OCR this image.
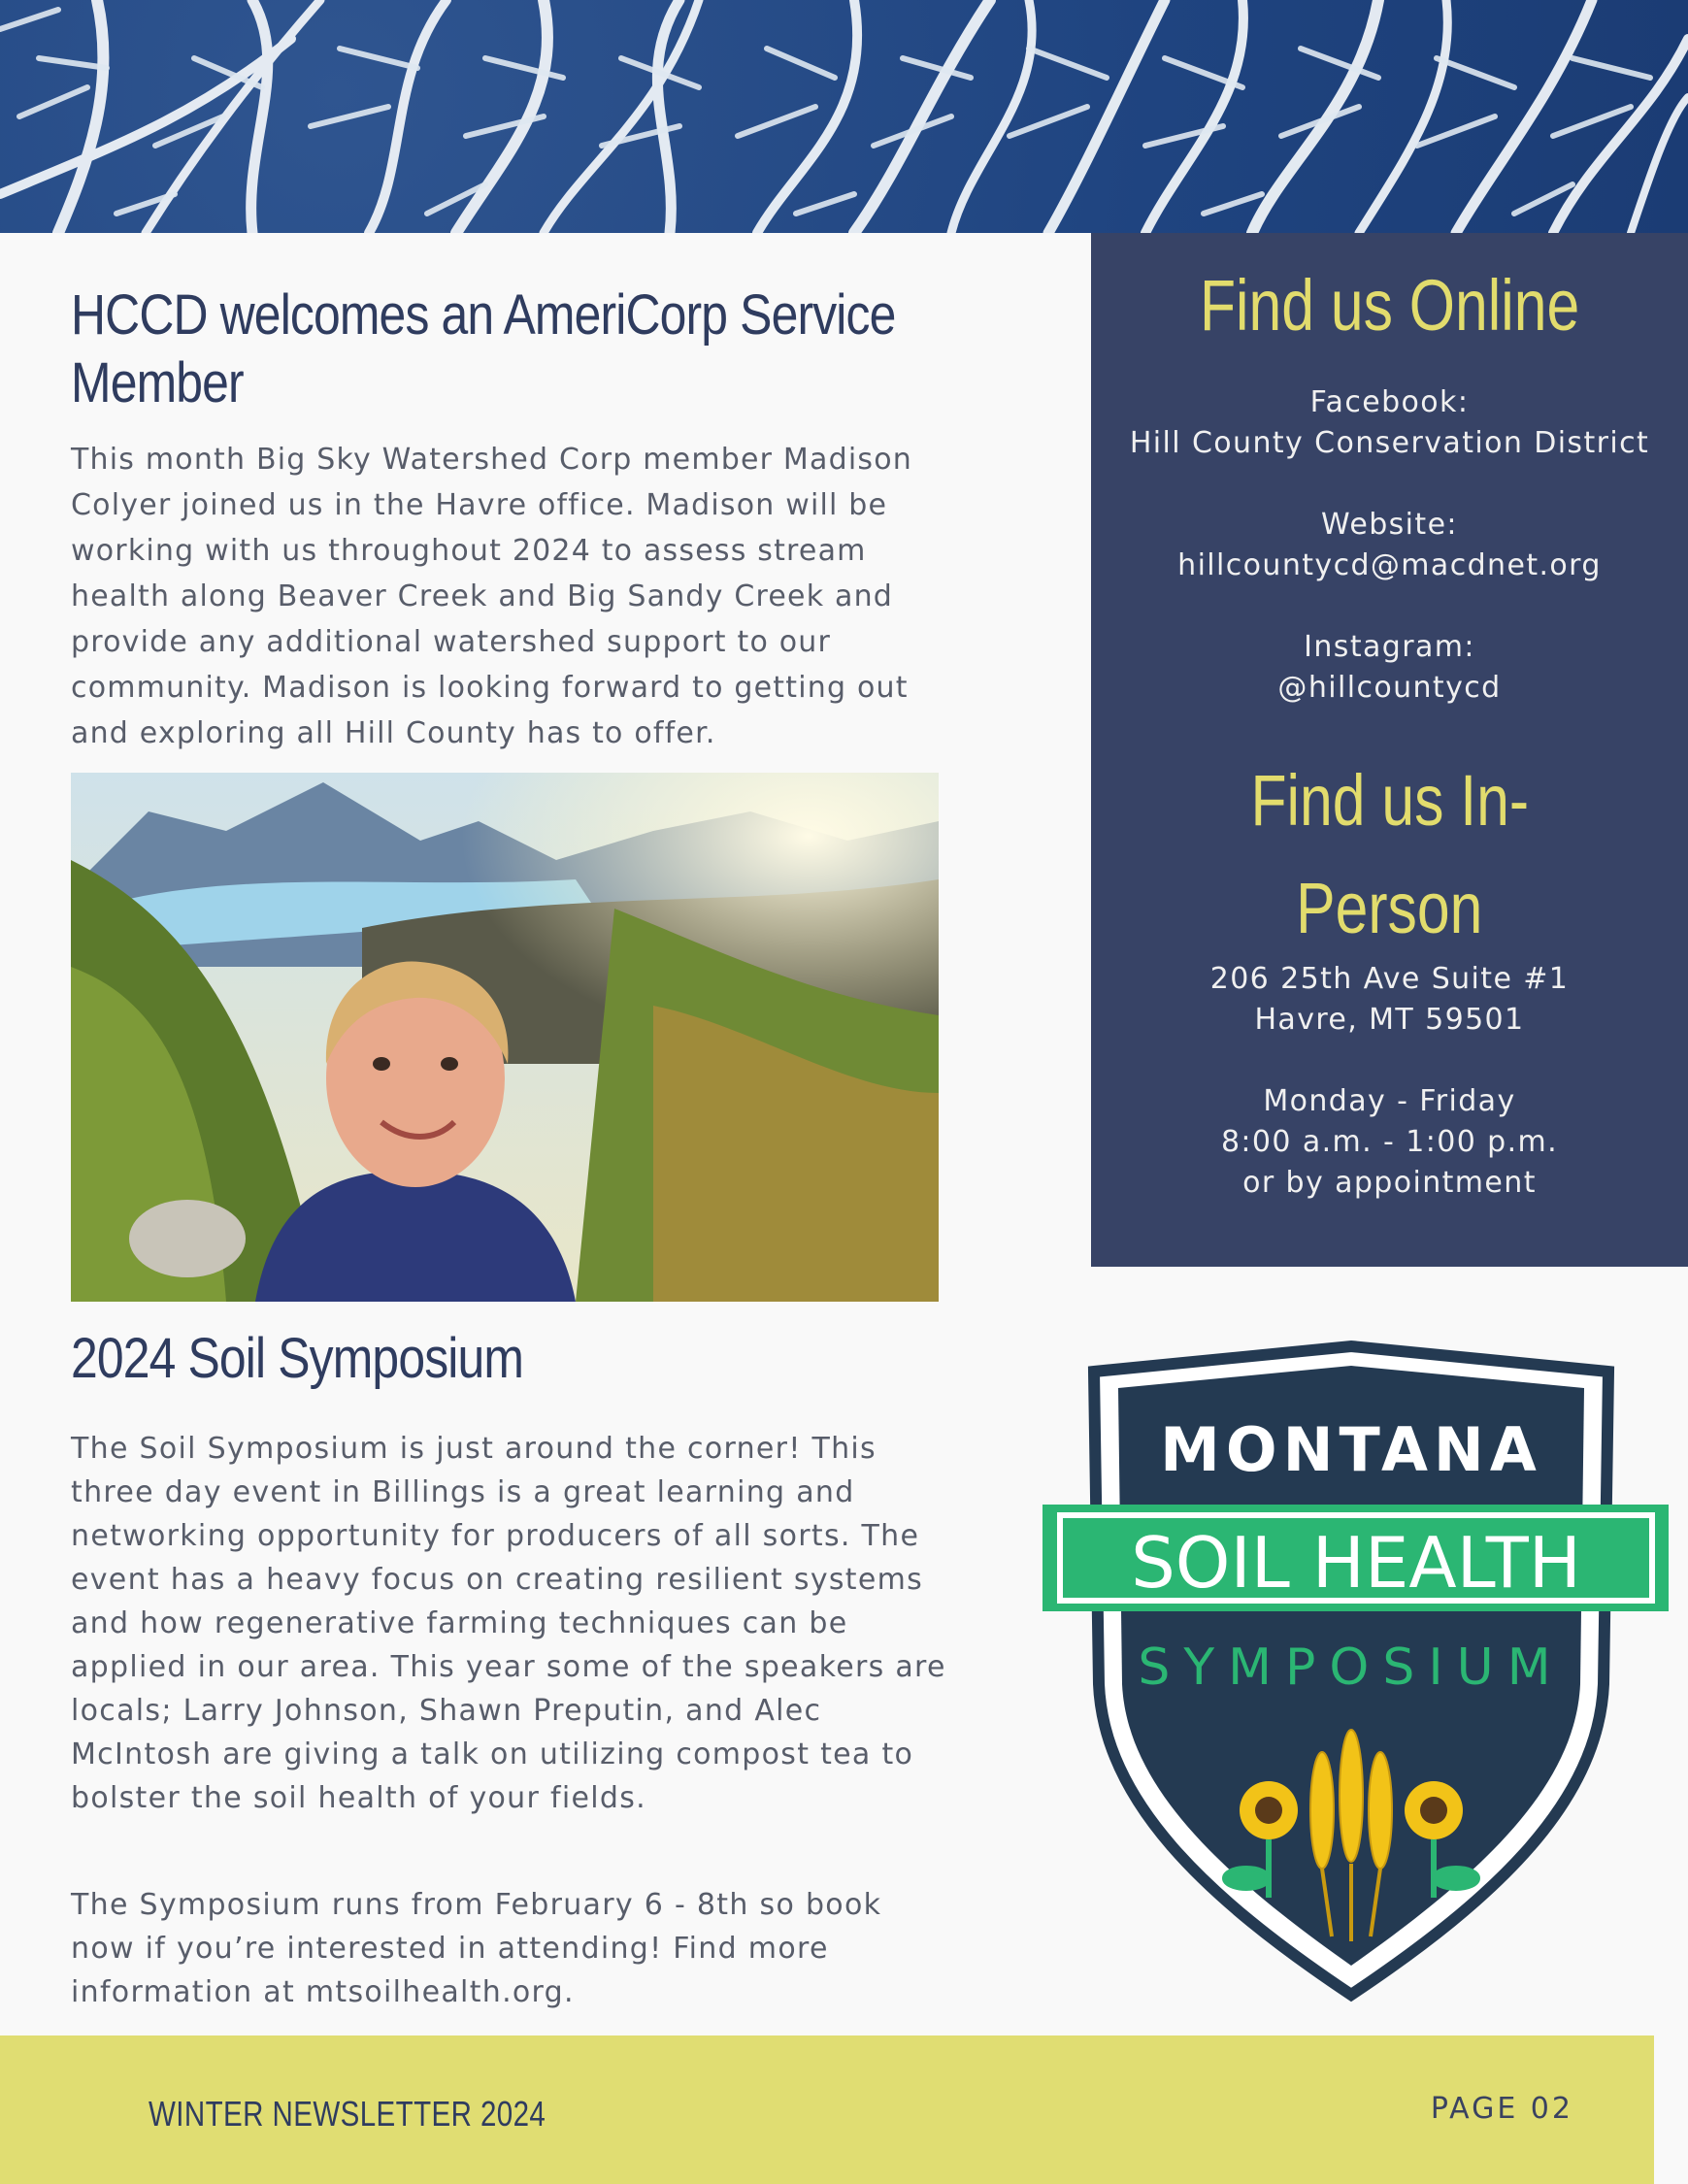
HCCD welcomes an AmeriCorp Service Member

This month Big Sky Watershed Corp member Madison Colyer joined us in the Havre office. Madison will be working with us throughout 2024 to assess stream health along Beaver Creek and Big Sandy Creek and provide any additional watershed support to our community. Madison is looking forward to getting out and exploring all Hill County has to offer.

2024 Soil Symposium

The Soil Symposium is just around the corner! This three day event in Billings is a great learning and networking opportunity for producers of all sorts. The event has a heavy focus on creating resilient systems and how regenerative farming techniques can be applied in our area. This year some of the speakers are locals; Larry Johnson, Shawn Preputin, and Alec McIntosh are giving a talk on utilizing compost tea to bolster the soil health of your fields.

The Symposium runs from February 6 - 8th so book now if you’re interested in attending! Find more information at mtsoilhealth.org.

Find us Online

Facebook:

Hill County Conservation District

Website:

hillcountycd@macdnet.org

Instagram:

@hillcountycd

Find us In-
Person

206 25th Ave Suite #1

Havre, MT 59501

Monday - Friday

8:00 a.m. - 1:00 p.m.

or by appointment

MONTANA
SOIL HEALTH
SYMPOSIUM
WINTER NEWSLETTER 2024	PAGE 02
